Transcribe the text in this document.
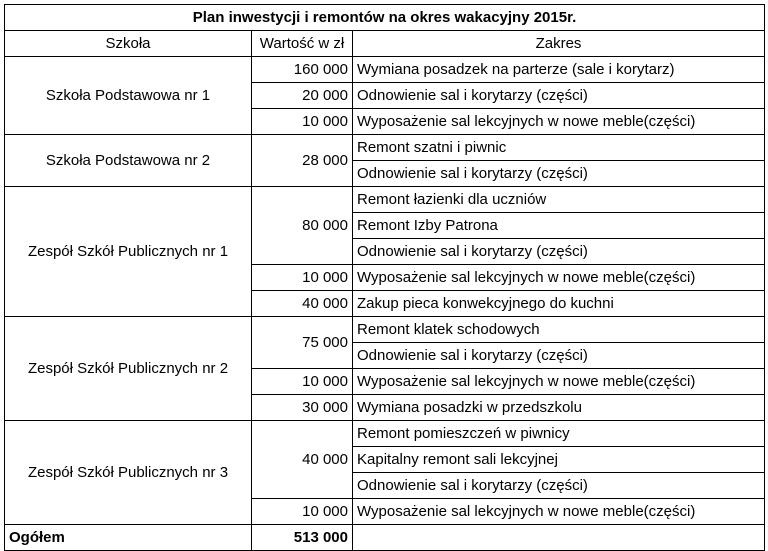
Plan inwestycji i remontów na okres wakacyjny 2015r.		
Szkoła	Wartość w zł	Zakres
Szkoła Podstawowa nr 1	160 000	Wymiana posadzek na parterze (sale i korytarz)
	20 000	Odnowienie sal i korytarzy (części)
	10 000	Wyposażenie sal lekcyjnych w nowe meble(części)
Szkoła Podstawowa nr 2	28 000	Remont szatni i piwnic
		Odnowienie sal i korytarzy (części)
Zespół Szkół Publicznych nr 1	80 000	Remont łazienki dla uczniów
		Remont Izby Patrona
		Odnowienie sal i korytarzy (części)
	10 000	Wyposażenie sal lekcyjnych w nowe meble(części)
	40 000	Zakup pieca konwekcyjnego do kuchni
Zespół Szkół Publicznych nr 2	75 000	Remont klatek schodowych
		Odnowienie sal i korytarzy (części)
	10 000	Wyposażenie sal lekcyjnych w nowe meble(części)
	30 000	Wymiana posadzki w przedszkolu
Zespół Szkół Publicznych nr 3	40 000	Remont pomieszczeń w piwnicy
		Kapitalny remont sali lekcyjnej
		Odnowienie sal i korytarzy (części)
	10 000	Wyposażenie sal lekcyjnych w nowe meble(części)
Ogółem	513 000	
